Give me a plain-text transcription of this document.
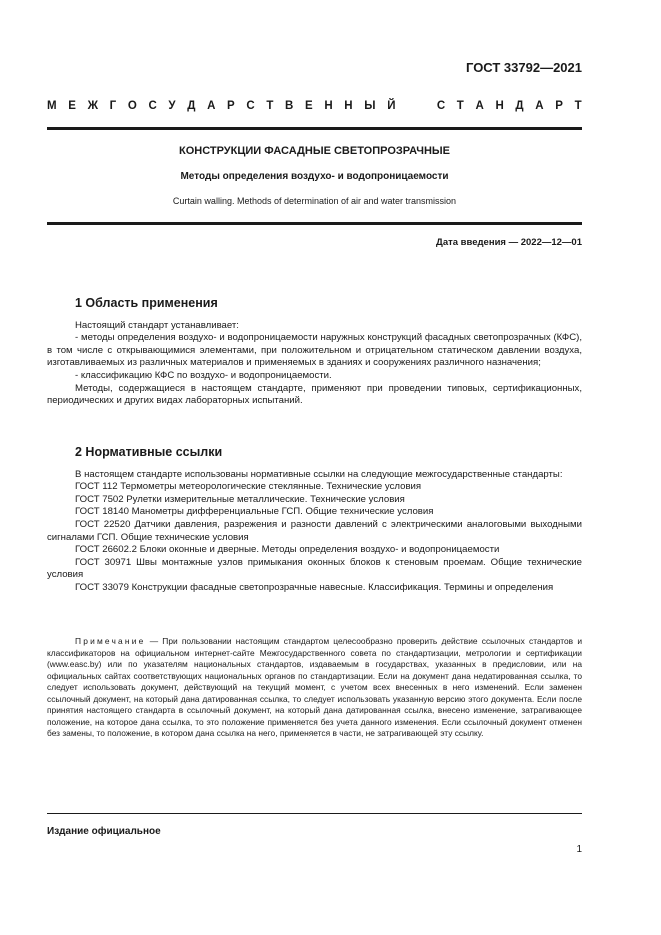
ГОСТ 33792—2021
М Е Ж Г О С У Д А Р С Т В Е Н Н Ы Й

	С Т А Н Д А Р Т
КОНСТРУКЦИИ ФАСАДНЫЕ СВЕТОПРОЗРАЧНЫЕ
Методы определения воздухо- и водопроницаемости
Curtain walling. Methods of determination of air and water transmission
Дата введения — 2022—12—01

1 Область применения

Настоящий стандарт устанавливает:

- методы определения воздухо- и водопроницаемости наружных конструкций фасадных светопрозрачных (КФС), в том числе с открывающимися элементами, при положительном и отрицательном статическом давлении воздуха, изготавливаемых из различных материалов и применяемых в зданиях и сооружениях различного назначения;

- классификацию КФС по воздухо- и водопроницаемости.

Методы, содержащиеся в настоящем стандарте, применяют при проведении типовых, сертификационных, периодических и других видах лабораторных испытаний.

2 Нормативные ссылки

В настоящем стандарте использованы нормативные ссылки на следующие межгосударственные стандарты:

ГОСТ 112 Термометры метеорологические стеклянные. Технические условия

ГОСТ 7502 Рулетки измерительные металлические. Технические условия

ГОСТ 18140 Манометры дифференциальные ГСП. Общие технические условия

ГОСТ 22520 Датчики давления, разрежения и разности давлений с электрическими аналоговыми выходными сигналами ГСП. Общие технические условия

ГОСТ 26602.2 Блоки оконные и дверные. Методы определения воздухо- и водопроницаемости

ГОСТ 30971 Швы монтажные узлов примыкания оконных блоков к стеновым проемам. Общие технические условия

ГОСТ 33079 Конструкции фасадные светопрозрачные навесные. Классификация. Термины и определения

Примечание — При пользовании настоящим стандартом целесообразно проверить действие ссылочных стандартов и классификаторов на официальном интернет-сайте Межгосударственного совета по стандартизации, метрологии и сертификации (www.easc.by) или по указателям национальных стандартов, издаваемым в государствах, указанных в предисловии, или на официальных сайтах соответствующих национальных органов по стандартизации. Если на документ дана недатированная ссылка, то следует использовать документ, действующий на текущий момент, с учетом всех внесенных в него изменений. Если заменен ссылочный документ, на который дана датированная ссылка, то следует использовать указанную версию этого документа. Если после принятия настоящего стандарта в ссылочный документ, на который дана датированная ссылка, внесено изменение, затрагивающее положение, на которое дана ссылка, то это положение применяется без учета данного изменения. Если ссылочный документ отменен без замены, то положение, в котором дана ссылка на него, применяется в части, не затрагивающей эту ссылку.
Издание официальное
1
